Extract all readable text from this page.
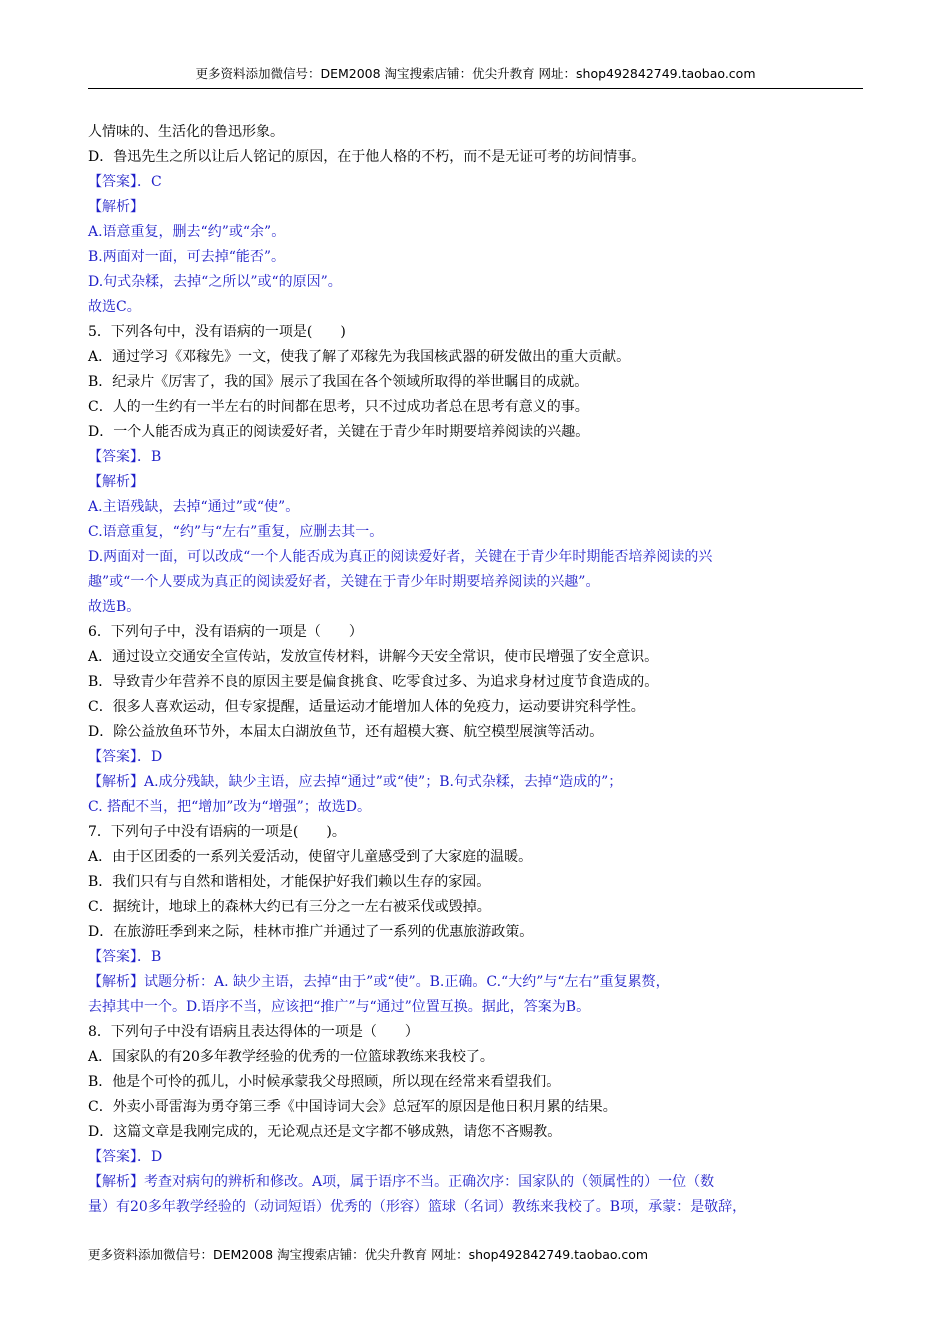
更多资料添加微信号：DEM2008 淘宝搜索店铺：优尖升教育 网址：shop492842749.taobao.com
人情味的、生活化的鲁迅形象。
D．鲁迅先生之所以让后人铭记的原因，在于他人格的不朽，而不是无证可考的坊间情事。
【答案】．C
【解析】
A.语意重复，删去“约”或“余”。
B.两面对一面，可去掉“能否”。
D.句式杂糅，去掉“之所以”或“的原因”。
故选C。
5．下列各句中，没有语病的一项是(　　)
A．通过学习《邓稼先》一文，使我了解了邓稼先为我国核武器的研发做出的重大贡献。
B．纪录片《厉害了，我的国》展示了我国在各个领域所取得的举世瞩目的成就。
C．人的一生约有一半左右的时间都在思考，只不过成功者总在思考有意义的事。
D．一个人能否成为真正的阅读爱好者，关键在于青少年时期要培养阅读的兴趣。
【答案】．B
【解析】
A.主语残缺，去掉“通过”或“使”。
C.语意重复，“约”与“左右”重复，应删去其一。
D.两面对一面，可以改成“一个人能否成为真正的阅读爱好者，关键在于青少年时期能否培养阅读的兴
趣”或“一个人要成为真正的阅读爱好者，关键在于青少年时期要培养阅读的兴趣”。
故选B。
6．下列句子中，没有语病的一项是（　　）
A．通过设立交通安全宣传站，发放宣传材料，讲解今天安全常识，使市民增强了安全意识。
B．导致青少年营养不良的原因主要是偏食挑食、吃零食过多、为追求身材过度节食造成的。
C．很多人喜欢运动，但专家提醒，适量运动才能增加人体的免疫力，运动要讲究科学性。
D．除公益放鱼环节外，本届太白湖放鱼节，还有超模大赛、航空模型展演等活动。
【答案】．D
【解析】A.成分残缺，缺少主语，应去掉“通过”或“使”；B.句式杂糅，去掉“造成的”；
C. 搭配不当，把“增加”改为“增强”；故选D。
7．下列句子中没有语病的一项是(　　)。
A．由于区团委的一系列关爱活动，使留守儿童感受到了大家庭的温暖。
B．我们只有与自然和谐相处，才能保护好我们赖以生存的家园。
C．据统计，地球上的森林大约已有三分之一左右被采伐或毁掉。
D．在旅游旺季到来之际，桂林市推广并通过了一系列的优惠旅游政策。
【答案】．B
【解析】试题分析：A. 缺少主语，去掉“由于”或“使”。B.正确。C.“大约”与“左右”重复累赘，
去掉其中一个。D.语序不当，应该把“推广”与“通过”位置互换。据此，答案为B。
8．下列句子中没有语病且表达得体的一项是（　　）
A．国家队的有20多年教学经验的优秀的一位篮球教练来我校了。
B．他是个可怜的孤儿，小时候承蒙我父母照顾，所以现在经常来看望我们。
C．外卖小哥雷海为勇夺第三季《中国诗词大会》总冠军的原因是他日积月累的结果。
D．这篇文章是我刚完成的，无论观点还是文字都不够成熟，请您不吝赐教。
【答案】．D
【解析】考查对病句的辨析和修改。A项，属于语序不当。正确次序：国家队的（领属性的）一位（数
量）有20多年教学经验的（动词短语）优秀的（形容）篮球（名词）教练来我校了。B项，承蒙：是敬辞，
更多资料添加微信号：DEM2008 淘宝搜索店铺：优尖升教育 网址：shop492842749.taobao.com
